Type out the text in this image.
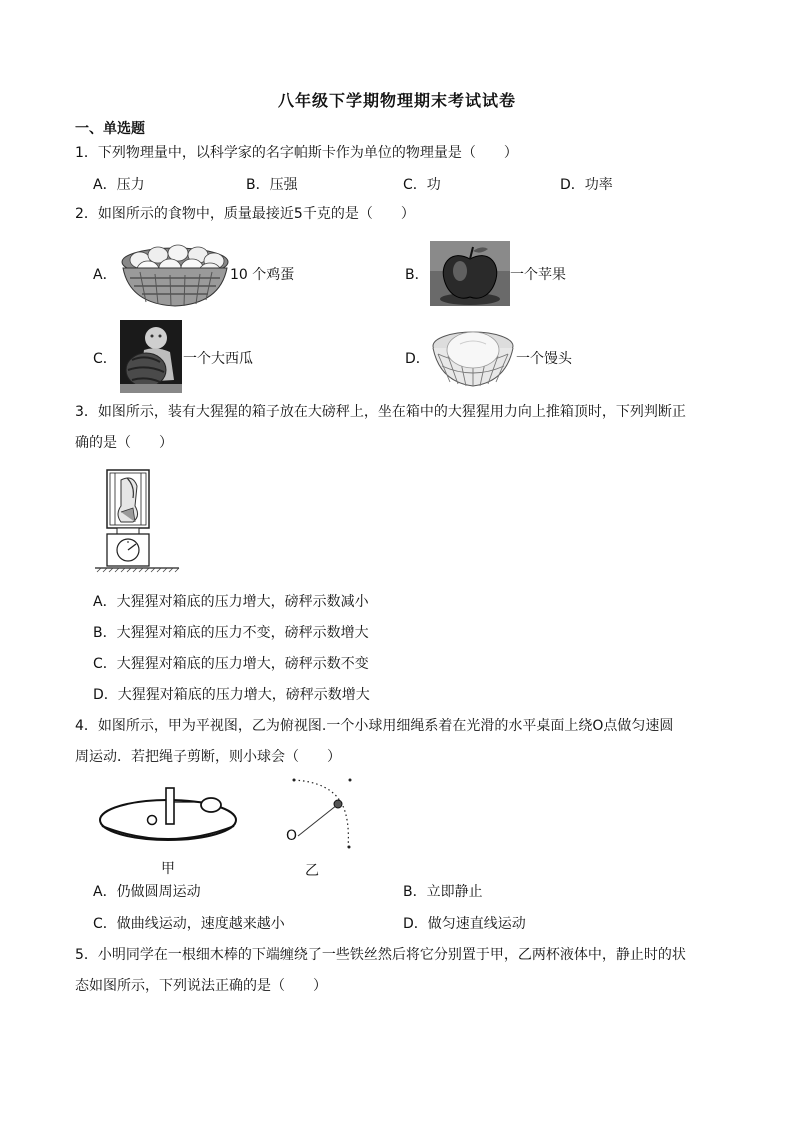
八年级下学期物理期末考试试卷
一、单选题
1．下列物理量中，以科学家的名字帕斯卡作为单位的物理量是（　　）
A．压力	B．压强	C．功	D．功率
2．如图所示的食物中，质量最接近5千克的是（　　）
A．	10 个鸡蛋	B．	一个苹果
C．	一个大西瓜	D．	一个馒头
3．如图所示，装有大猩猩的箱子放在大磅秤上，坐在箱中的大猩猩用力向上推箱顶时，下列判断正
确的是（　　）
A．大猩猩对箱底的压力增大，磅秤示数减小
B．大猩猩对箱底的压力不变，磅秤示数增大
C．大猩猩对箱底的压力增大，磅秤示数不变
D．大猩猩对箱底的压力增大，磅秤示数增大
4．如图所示，甲为平视图，乙为俯视图.一个小球用细绳系着在光滑的水平桌面上绕O点做匀速圆
周运动．若把绳子剪断，则小球会（　　）
甲
O
乙
A．仍做圆周运动	B．立即静止
C．做曲线运动，速度越来越小	D．做匀速直线运动
5．小明同学在一根细木棒的下端缠绕了一些铁丝然后将它分别置于甲，乙两杯液体中，静止时的状
态如图所示，下列说法正确的是（　　）
